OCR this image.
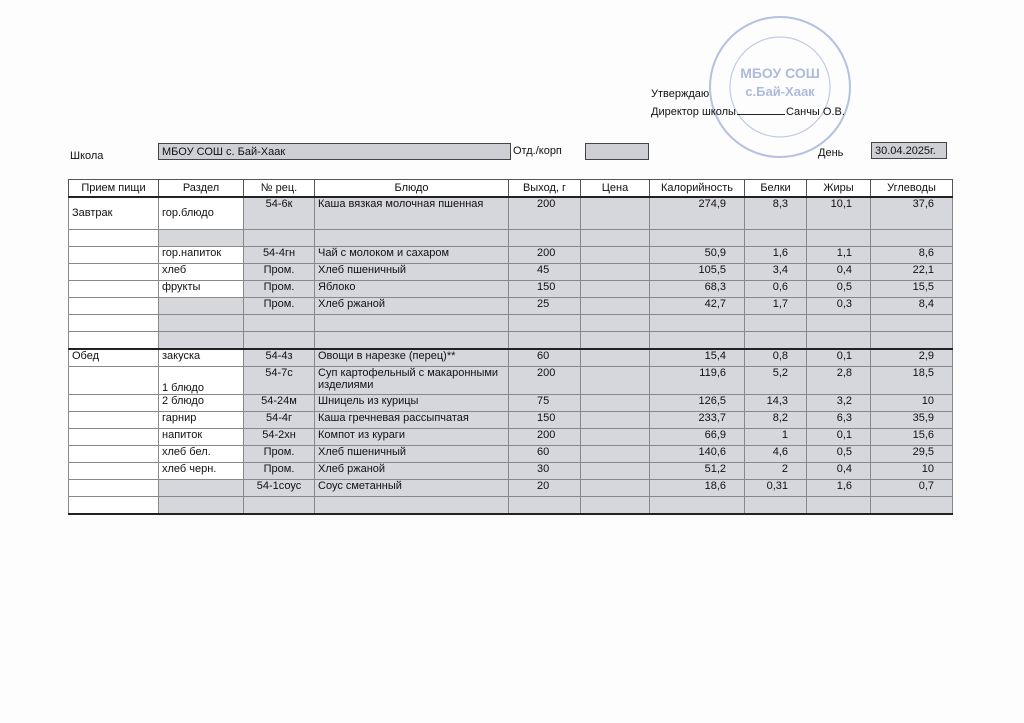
МБОУ СОШ
с.Бай-Хаак
Утверждаю
Директор школы	Санчы О.В.
Школа	МБОУ СОШ с. Бай-Хаак	Отд./корп	День	30.04.2025г.
Прием пищи	Раздел	№ рец.	Блюдо	Выход, г	Цена	Калорийность	Белки	Жиры	Углеводы
Завтрак	гор.блюдо	54-6к	Каша вязкая молочная пшенная	200		274,9	8,3	10,1	37,6

	гор.напиток	54-4гн	Чай с молоком и сахаром	200		50,9	1,6	1,1	8,6
	хлеб	Пром.	Хлеб пшеничный	45		105,5	3,4	0,4	22,1
	фрукты	Пром.	Яблоко	150		68,3	0,6	0,5	15,5
		Пром.	Хлеб ржаной	25		42,7	1,7	0,3	8,4

Обед	закуска	54-4з	Овощи в нарезке (перец)**	60		15,4	0,8	0,1	2,9
	1 блюдо	54-7с	Суп картофельный с макаронными изделиями	200		119,6	5,2	2,8	18,5
	2 блюдо	54-24м	Шницель из курицы	75		126,5	14,3	3,2	10
	гарнир	54-4г	Каша гречневая рассыпчатая	150		233,7	8,2	6,3	35,9
	напиток	54-2хн	Компот из кураги	200		66,9	1	0,1	15,6
	хлеб бел.	Пром.	Хлеб пшеничный	60		140,6	4,6	0,5	29,5
	хлеб черн.	Пром.	Хлеб ржаной	30		51,2	2	0,4	10
		54-1соус	Соус сметанный	20		18,6	0,31	1,6	0,7
